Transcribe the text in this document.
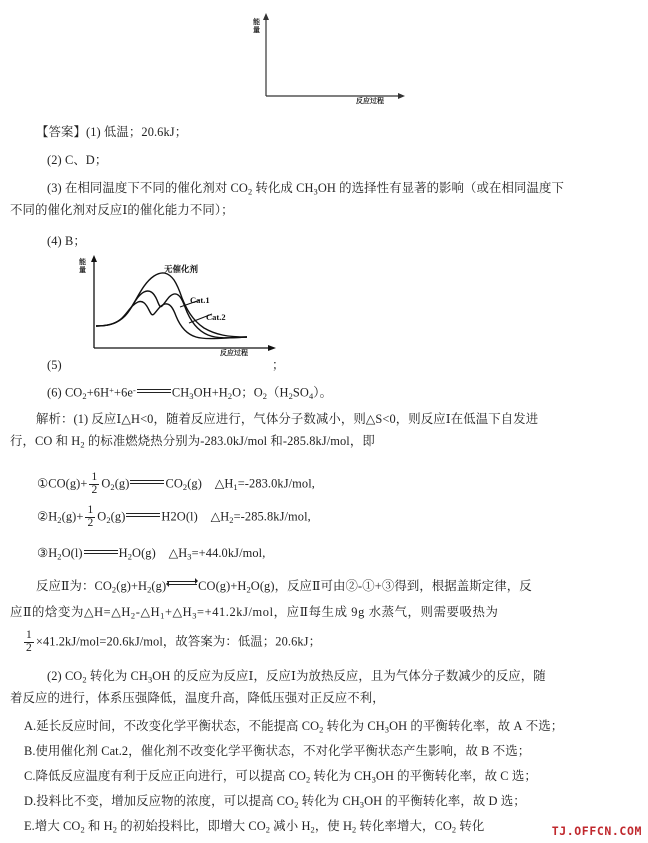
能量
反应过程
【答案】(1) 低温；20.6kJ；
(2) C、D；
(3) 在相同温度下不同的催化剂对 $CO_2$ 转化成 $CH_3OH$ 的选择性有显著的影响（或在相同温度下
不同的催化剂对反应Ⅰ的催化能力不同）；
(4) B；
能量
反应过程
无催化剂
Cat.1
Cat.2
(5)	；
(6) $CO_2+6H^++6e^-$	$CH_3OH+H_2O$；$O_2(H_2SO_4)$。
解析：(1) 反应Ⅰ△H<0，随着反应进行，气体分子数减小，则△S<0，则反应Ⅰ在低温下自发进
行，CO 和 $H_2$ 的标准燃烧热分别为-283.0kJ/mol 和-285.8kJ/mol，即
①CO(g)+ $\frac{1}{2} O_2(g)$	$CO_2(g)$    $\triangle H_1=-283.0kJ$/mol,
$②H_2(g)+ \frac{1}{2} O_2(g)$	H2O(l)    $\triangle H_2=-285.8kJ$/mol,
$③H_2O(l)$	$H_2O(g)$    $\triangle H_3=+44.0kJ$/mol,
反应Ⅱ为：$CO_2(g)+H_2(g)$	$CO(g)+H_2O(g)$，反应Ⅱ可由②-①+③得到，根据盖斯定律，反
应Ⅱ的焓变为$\triangle H=\triangle H_2-\triangle H_1+\triangle H_3=+41.2kJ$/mol，应Ⅱ每生成 9g 水蒸气，则需要吸热为
$\frac{1}{2} \times 41.2kJ/mol=20.6kJ/mol$，故答案为：低温；20.6kJ；
(2) $CO_2$ 转化为 $CH_3OH$ 的反应为反应Ⅰ，反应Ⅰ为放热反应，且为气体分子数减少的反应，随
着反应的进行，体系压强降低，温度升高，降低压强对正反应不利，
A.延长反应时间，不改变化学平衡状态，不能提高 $CO_2$ 转化为 $CH_3OH$ 的平衡转化率，故 A 不选；
B.使用催化剂 Cat.2，催化剂不改变化学平衡状态，不对化学平衡状态产生影响，故 B 不选；
C.降低反应温度有利于反应正向进行，可以提高 $CO_2$ 转化为 $CH_3OH$ 的平衡转化率，故 C 选；
D.投料比不变，增加反应物的浓度，可以提高 $CO_2$ 转化为 $CH_3OH$ 的平衡转化率，故 D 选；
E.增大 $CO_2$ 和 $H_2$ 的初始投料比，即增大 $CO_2$ 减小 $H_2$，使 $H_2$ 转化率增大，$CO_2$ 转化	TJ.OFFCN.COM
